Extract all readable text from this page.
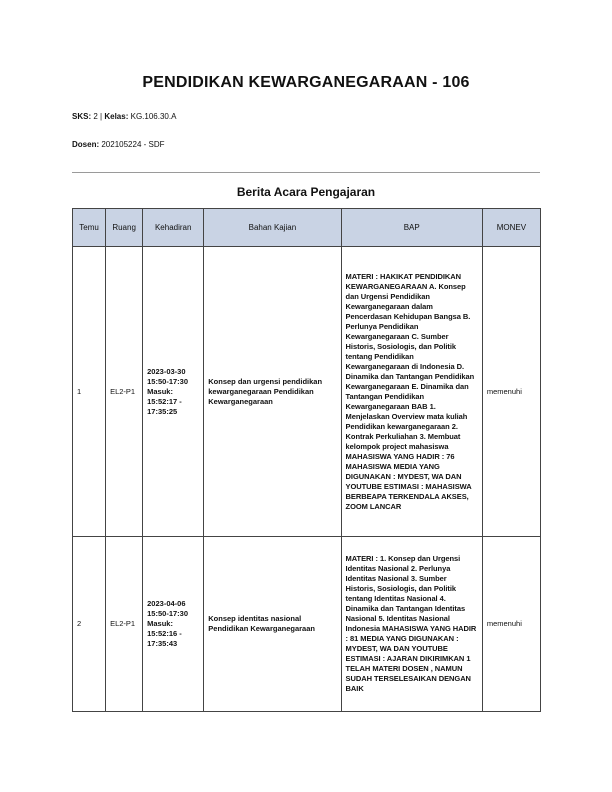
PENDIDIKAN KEWARGANEGARAAN - 106
SKS: 2 | Kelas: KG.106.30.A
Dosen: 202105224 - SDF
Berita Acara Pengajaran
Temu	Ruang	Kehadiran	Bahan Kajian	BAP	MONEV
1	EL2-P1	2023-03-30 15:50-17:30 Masuk: 15:52:17 - 17:35:25	Konsep dan urgensi pendidikan kewarganegaraan Pendidikan Kewarganegaraan	MATERI : HAKIKAT PENDIDIKAN KEWARGANEGARAAN A. Konsep dan Urgensi Pendidikan Kewarganegaraan dalam Pencerdasan Kehidupan Bangsa B. Perlunya Pendidikan Kewarganegaraan C. Sumber Historis, Sosiologis, dan Politik tentang Pendidikan Kewarganegaraan di Indonesia D. Dinamika dan Tantangan Pendidikan Kewarganegaraan E. Dinamika dan Tantangan Pendidikan Kewarganegaraan BAB 1. Menjelaskan Overview mata kuliah Pendidikan kewarganegaraan 2. Kontrak Perkuliahan 3. Membuat kelompok project mahasiswa MAHASISWA YANG HADIR : 76 MAHASISWA MEDIA YANG DIGUNAKAN : MYDEST, WA DAN YOUTUBE ESTIMASI : MAHASISWA BERBEAPA TERKENDALA AKSES, ZOOM LANCAR	memenuhi
2	EL2-P1	2023-04-06 15:50-17:30 Masuk: 15:52:16 - 17:35:43	Konsep identitas nasional Pendidikan Kewarganegaraan	MATERI : 1. Konsep dan Urgensi Identitas Nasional 2. Perlunya Identitas Nasional 3. Sumber Historis, Sosiologis, dan Politik tentang Identitas Nasional 4. Dinamika dan Tantangan Identitas Nasional 5. Identitas Nasional Indonesia MAHASISWA YANG HADIR : 81 MEDIA YANG DIGUNAKAN : MYDEST, WA DAN YOUTUBE ESTIMASI : AJARAN DIKIRIMKAN 1 TELAH MATERI DOSEN , NAMUN SUDAH TERSELESAIKAN DENGAN BAIK	memenuhi
